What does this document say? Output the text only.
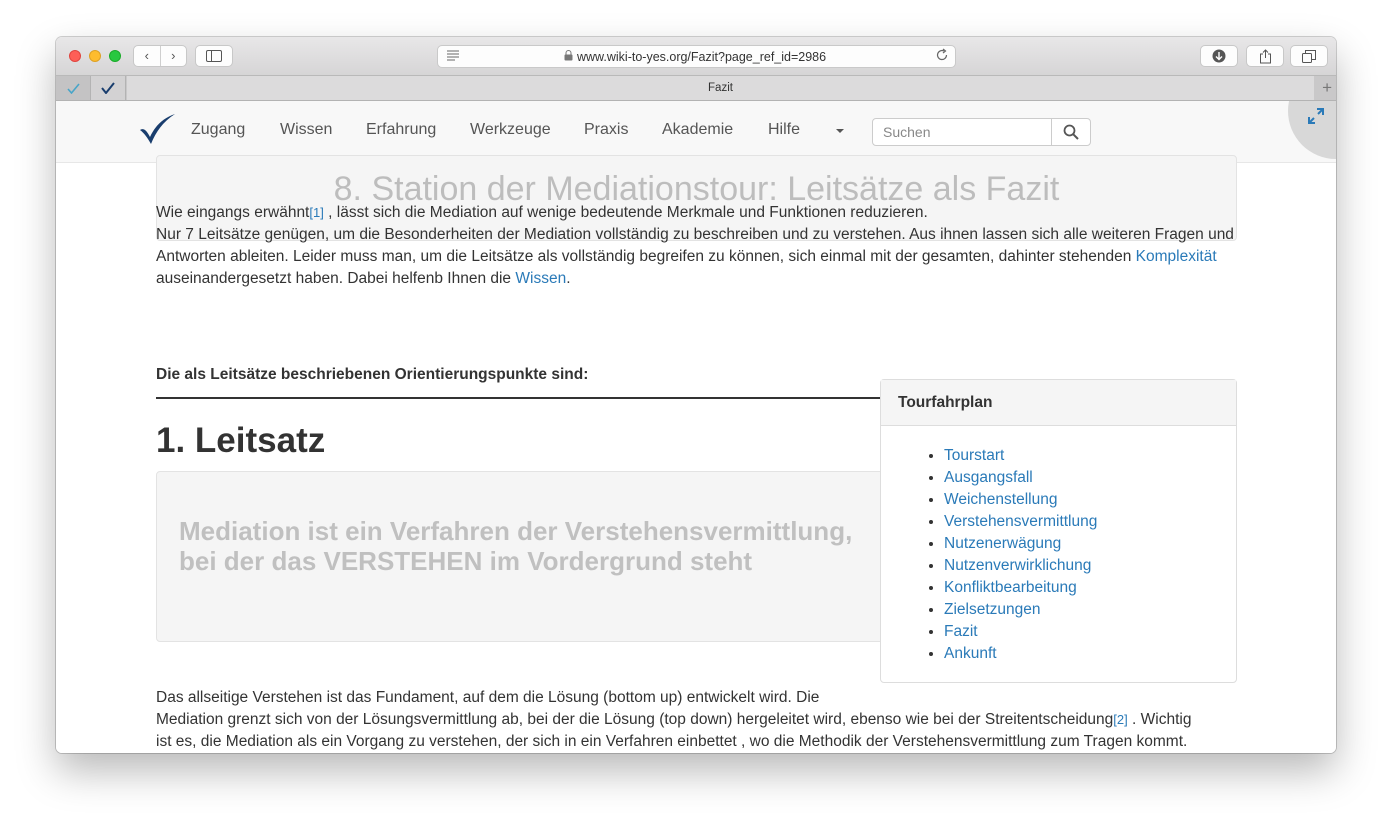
‹	›	www.wiki-to-yes.org/Fazit?page_ref_id=2986
Fazit	+
Zugang Wissen Erfahrung Werkzeuge Praxis Akademie Hilfe
Suchen
8. Station der Mediationstour: Leitsätze als Fazit
Wie eingangs erwähnt[1] , lässt sich die Mediation auf wenige bedeutende Merkmale und Funktionen reduzieren.
Nur 7 Leitsätze genügen, um die Besonderheiten der Mediation vollständig zu beschreiben und zu verstehen. Aus ihnen lassen sich alle weiteren Fragen und Antworten ableiten. Leider muss man, um die Leitsätze als vollständig begreifen zu können, sich einmal mit der gesamten, dahinter stehenden Komplexität auseinandergesetzt haben. Dabei helfenb Ihnen die Wissen.
Die als Leitsätze beschriebenen Orientierungspunkte sind:
1. Leitsatz
Mediation ist ein Verfahren der Verstehensvermittlung, bei der das VERSTEHEN im Vordergrund steht
Tourfahrplan
• Tourstart
• Ausgangsfall
• Weichenstellung
• Verstehensvermittlung
• Nutzenerwägung
• Nutzenverwirklichung
• Konfliktbearbeitung
• Zielsetzungen
• Fazit
• Ankunft
Das allseitige Verstehen ist das Fundament, auf dem die Lösung (bottom up) entwickelt wird. Die
Mediation grenzt sich von der Lösungsvermittlung ab, bei der die Lösung (top down) hergeleitet wird, ebenso wie bei der Streitentscheidung[2] . Wichtig
ist es, die Mediation als ein Vorgang zu verstehen, der sich in ein Verfahren einbettet , wo die Methodik der Verstehensvermittlung zum Tragen kommt.
